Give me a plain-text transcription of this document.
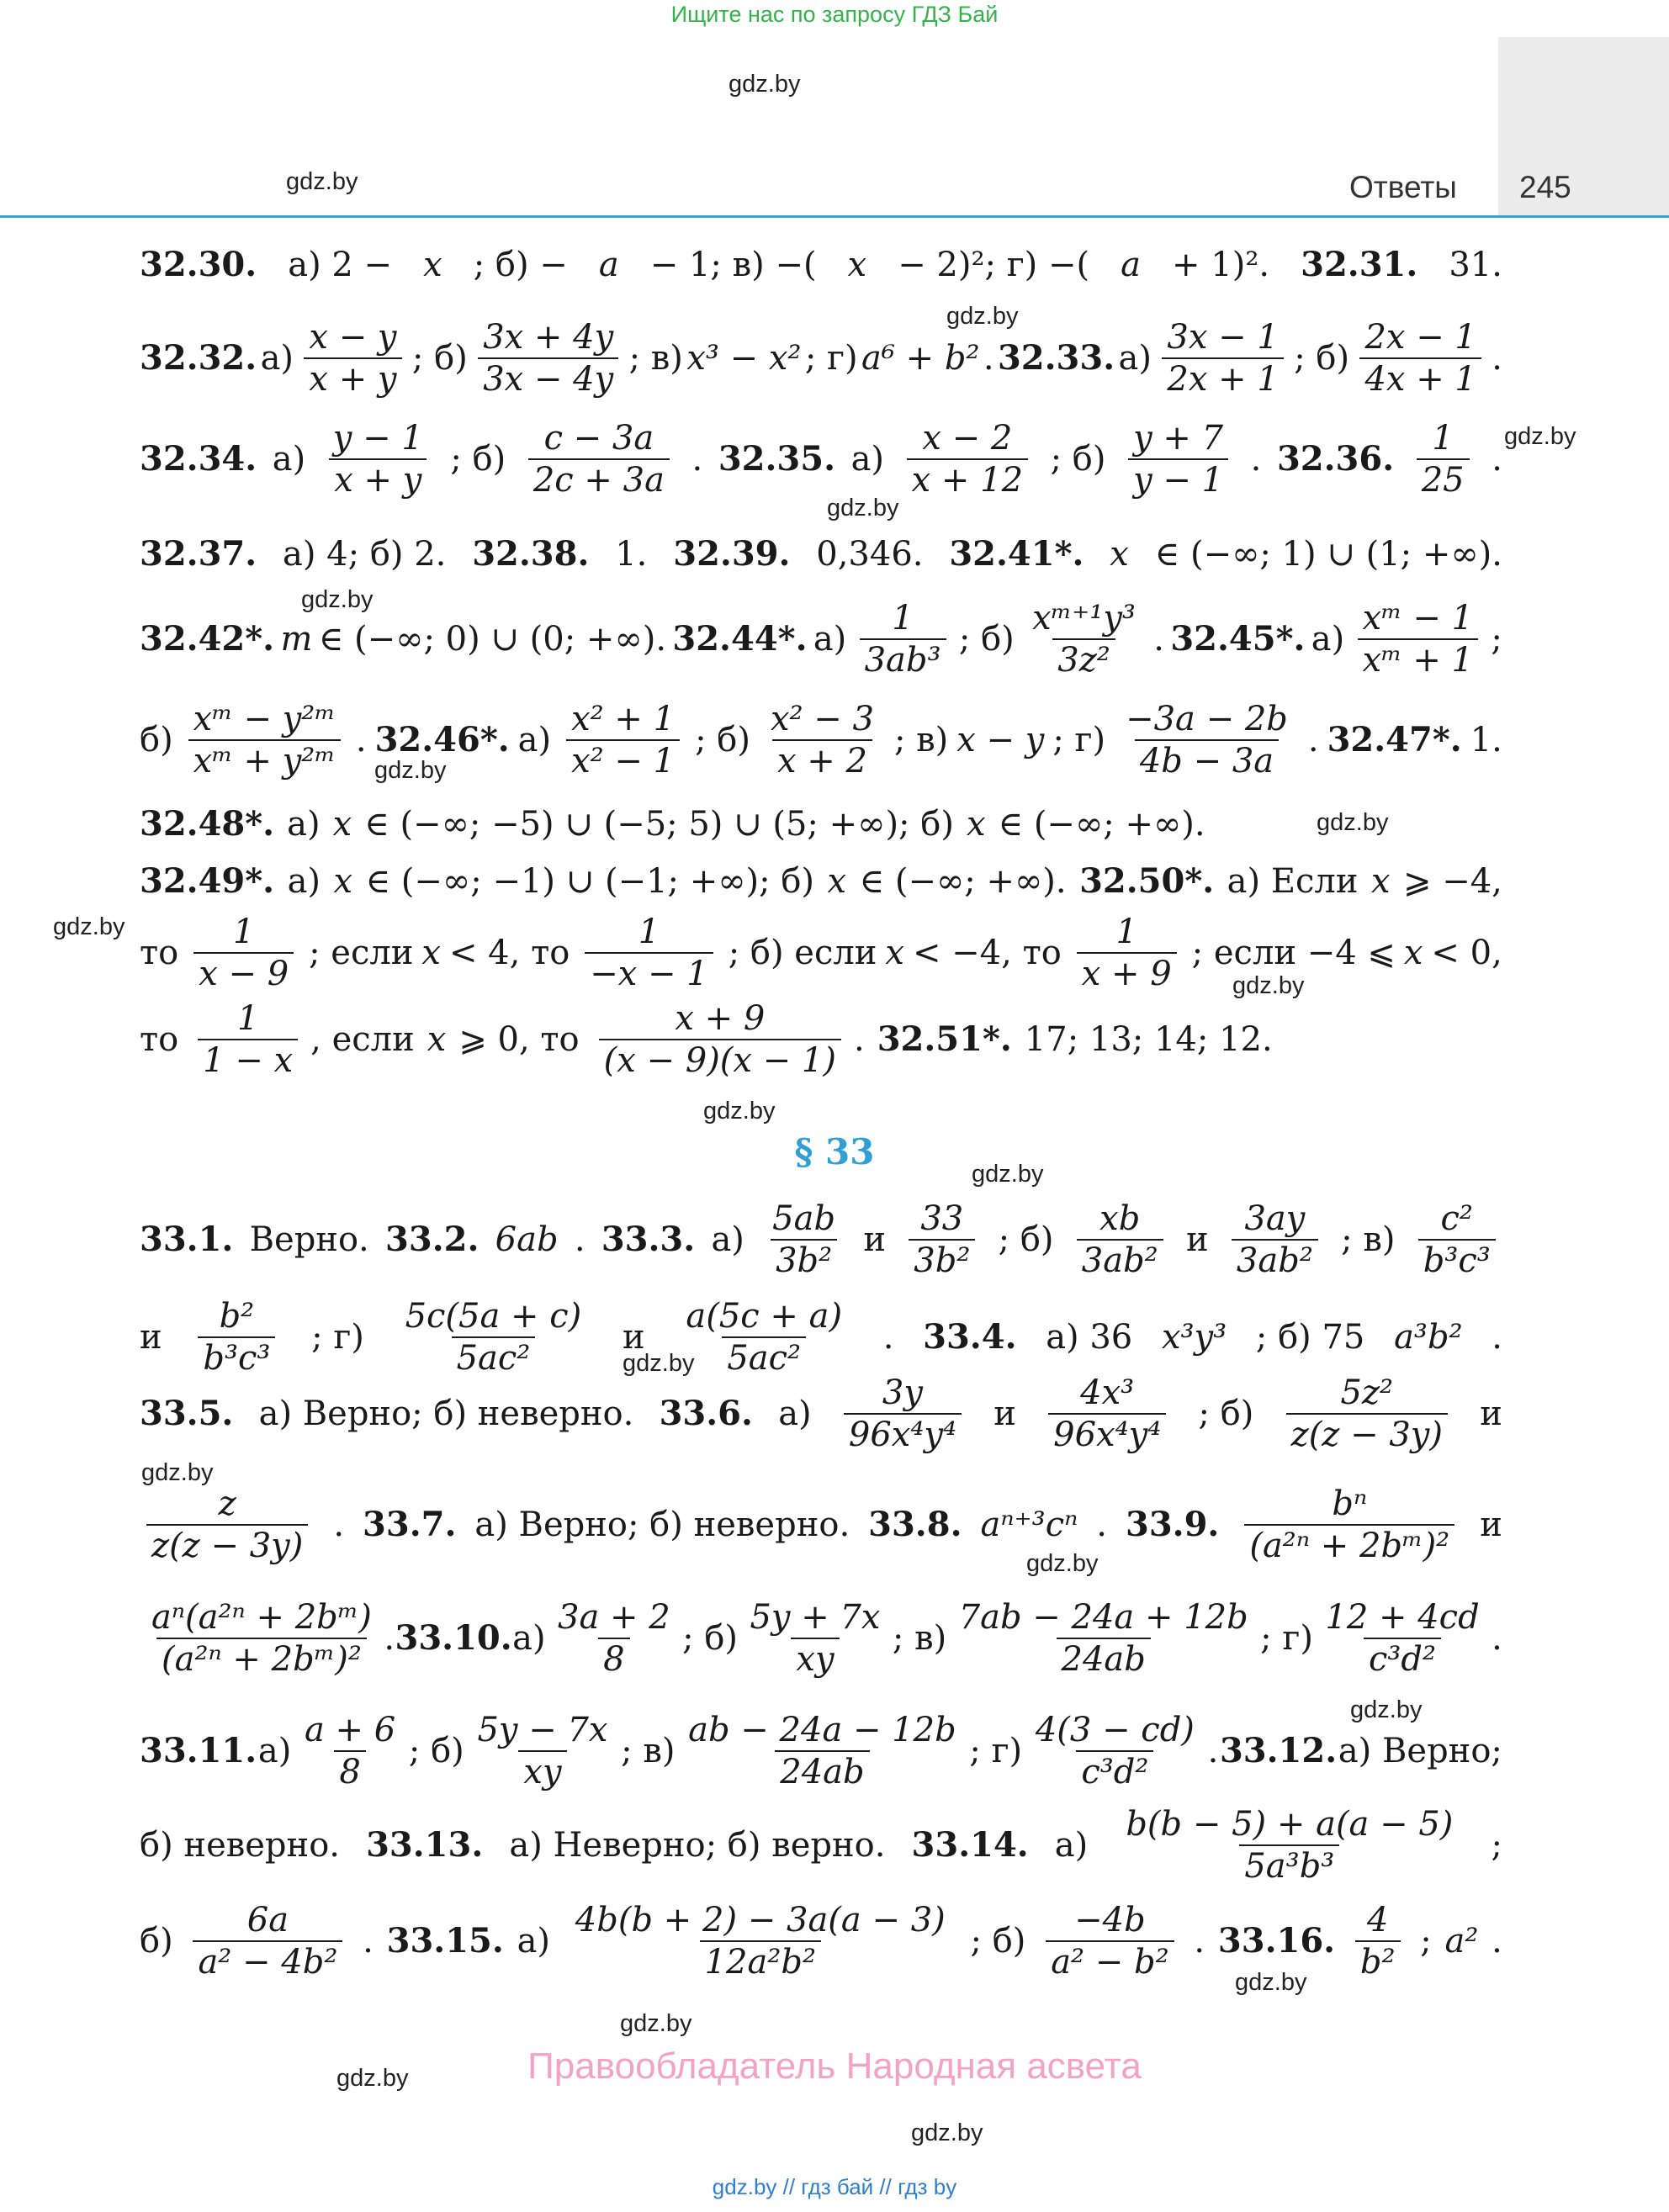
Ищите нас по запросу ГДЗ Бай
Ответы 245
gdz.by
gdz.by
gdz.by
gdz.by
gdz.by
gdz.by
gdz.by
gdz.by
gdz.by
gdz.by
gdz.by
gdz.by
gdz.by
gdz.by
gdz.by
gdz.by
gdz.by
gdz.by
gdz.by
gdz.by
32.30. а) 2 − x ; б) − a − 1; в) −( x − 2)²; г) −( a + 1)². 32.31. 31.
32.32. $а) \frac{x - y}{x + y}$ ; $б) \frac{3x + 4y}{3x - 4y}$ ; в) x³ − x² ; г) a⁶ + b² . 32.33. $а) \frac{3x - 1}{2x + 1}$ ; $б) \frac{2x - 1}{4x + 1}$ .
32.34. $а) \frac{y - 1}{x + y}$ ; $б) \frac{c - 3a}{2c + 3a}$ . 32.35. $а) \frac{x - 2}{x + 12}$ ; $б) \frac{y + 7}{y - 1}$ . 32.36. $\frac{1}{25}$ .
32.37. а) 4; б) 2. 32.38. 1. 32.39. 0,346. 32.41*. x ∈ (−∞; 1) ∪ (1; +∞).
32.42*. m ∈ (−∞; 0) ∪ (0; +∞). 32.44*. $а) \frac{1}{\text{3ab³}}$ ; $б) \frac{\text{xᵐ⁺¹y³}}{\text{3z²}}$ . 32.45*. $а) \frac{\text{xᵐ − 1}}{\text{xᵐ + 1}}$ ;
$б) \frac{\text{xᵐ − y²ᵐ}}{\text{xᵐ + y²ᵐ}}$ . 32.46*. $а) \frac{\text{x² + 1}}{\text{x² − 1}}$ ; $б) \frac{\text{x² − 3}}{x + 2}$ ; в) x − y ; $г) \frac{-3a - 2b}{4b - 3a}$ . 32.47*. 1.
32.48*. а) x ∈ (−∞; −5) ∪ (−5; 5) ∪ (5; +∞); б) x ∈ (−∞; +∞).
32.49*. а) x ∈ (−∞; −1) ∪ (−1; +∞); б) x ∈ (−∞; +∞). 32.50*. а) Если x ⩾ −4,
то $\frac{1}{x - 9}$ ; если x < 4, то $\frac{1}{-x - 1}$ ; б) если x < −4, то $\frac{1}{x + 9}$ ; если −4 ⩽ x < 0,
то $\frac{1}{1 - x}$ , если x ⩾ 0, то $\frac{x + 9}{(x - 9)(x - 1)}$ . 32.51*. 17; 13; 14; 12.
§ 33
33.1. Верно. 33.2. 6ab . 33.3. $а) \frac{5ab}{\text{3b²}}$ и $\frac{33}{\text{3b²}}$ ; $б) \frac{xb}{\text{3ab²}}$ и $\frac{3ay}{\text{3ab²}}$ ; $в) \frac{\text{c²}}{\text{b³c³}}$
и $\frac{\text{b²}}{\text{b³c³}}$ ; $г) \frac{5c(5a + c)}{\text{5ac²}}$ и $\frac{a(5c + a)}{\text{5ac²}}$ . 33.4. а) 36 x³y³ ; б) 75 a³b² .
33.5. а) Верно; б) неверно. 33.6. $а) \frac{3y}{\text{96x⁴y⁴}}$ и $\frac{\text{4x³}}{\text{96x⁴y⁴}}$ ; $б) \frac{\text{5z²}}{z(z - 3y)}$ и
$\frac{z}{z(z - 3y)}$ . 33.7. а) Верно; б) неверно. 33.8. aⁿ⁺³cⁿ . 33.9. $\frac{\text{bⁿ}}{\text{(a²ⁿ + 2bᵐ)²}}$ и
$\frac{\text{aⁿ(a²ⁿ + 2bᵐ)}}{\text{(a²ⁿ + 2bᵐ)²}}$ . 33.10. $а) \frac{3a + 2}{8}$ ; $б) \frac{5y + 7x}{xy}$ ; $в) \frac{7ab - 24a + 12b}{24ab}$ ; $г) \frac{12 + 4cd}{\text{c³d²}}$ .
33.11. $а) \frac{a + 6}{8}$ ; $б) \frac{5y - 7x}{xy}$ ; $в) \frac{ab - 24a - 12b}{24ab}$ ; $г) \frac{4(3 - cd)}{\text{c³d²}}$ . 33.12. а) Верно;
б) неверно. 33.13. а) Неверно; б) верно. 33.14. $а) \frac{b(b - 5) + a(a - 5)}{\text{5a³b³}}$ ;
$б) \frac{6a}{\text{a² − 4b²}}$ . 33.15. $а) \frac{4b(b + 2) - 3a(a - 3)}{\text{12a²b²}}$ ; $б) \frac{-4b}{\text{a² − b²}}$ . 33.16. $\frac{4}{\text{b²}}$ ; a² .
Правообладатель Народная асвета
gdz.by // гдз бай // гдз by
